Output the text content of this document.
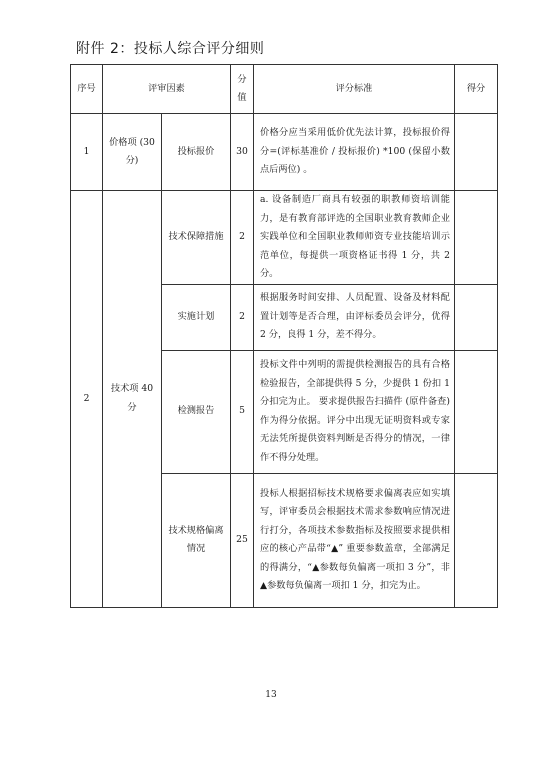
附件 2：投标人综合评分细则
序号	评审因素		分值	评分标准	得分
1	价格项 (30 分)	投标报价	30	价格分应当采用低价优先法计算，投标报价得分=(评标基准价 / 投标报价) *100 (保留小数点后两位) 。	
2	技术项 40 分	技术保障措施	2	a. 设备制造厂商具有较强的职教师资培训能力，是有教育部评选的全国职业教育教师企业实践单位和全国职业教师师资专业技能培训示范单位，每提供一项资格证书得 1 分，共 2 分。	
		实施计划	2	根据服务时间安排、人员配置、设备及材料配置计划等是否合理，由评标委员会评分，优得 2 分，良得 1 分，差不得分。	
		检测报告	5	投标文件中列明的需提供检测报告的具有合格检验报告，全部提供得 5 分，少提供 1 份扣 1 分扣完为止。 要求提供报告扫描件 (原件备查) 作为得分依据。评分中出现无证明资料或专家无法凭所提供资料判断是否得分的情况，一律作不得分处理。	
		技术规格偏离情况	25	投标人根据招标技术规格要求偏离表应如实填写，评审委员会根据技术需求参数响应情况进行打分，各项技术参数指标及按照要求提供相应的核心产品带“▲” 重要参数盖章，全部满足的得满分，“▲参数每负偏离一项扣 3 分”，非▲参数每负偏离一项扣 1 分，扣完为止。	
13
